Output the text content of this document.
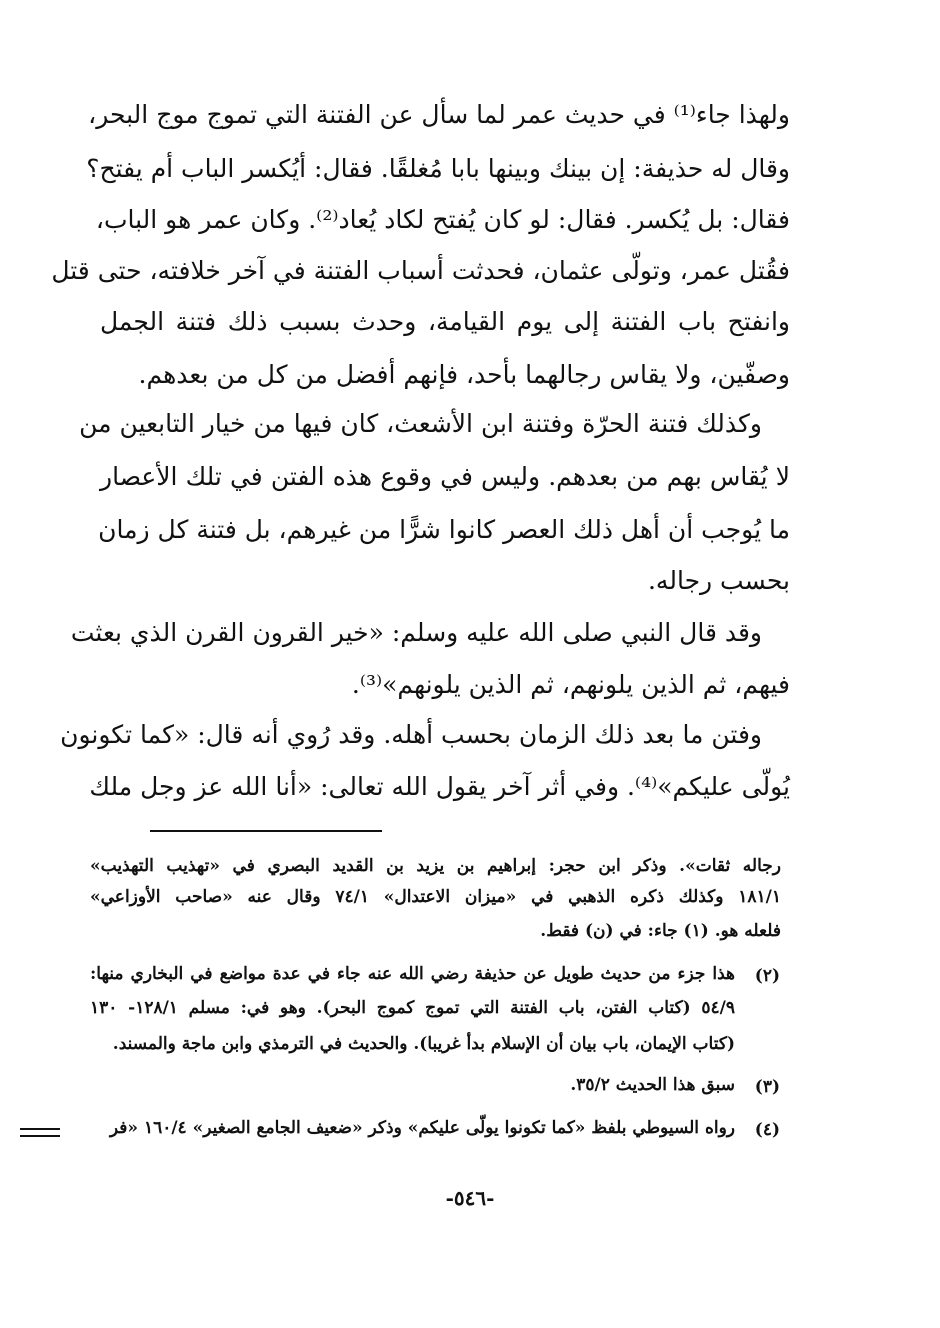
ولهذا جاء⁽¹⁾ في حديث عمر لما سأل عن الفتنة التي تموج موج البحر،
وقال له حذيفة: إن بينك وبينها بابا مُغلقًا. فقال: أيُكسر الباب أم يفتح؟
فقال: بل يُكسر. فقال: لو كان يُفتح لكاد يُعاد⁽²⁾. وكان عمر هو الباب،
فقُتل عمر، وتولّى عثمان، فحدثت أسباب الفتنة في آخر خلافته، حتى قتل
وانفتح باب الفتنة إلى يوم القيامة، وحدث بسبب ذلك فتنة الجمل
وصفّين، ولا يقاس رجالهما بأحد، فإنهم أفضل من كل من بعدهم.
وكذلك فتنة الحرّة وفتنة ابن الأشعث، كان فيها من خيار التابعين من
لا يُقاس بهم من بعدهم. وليس في وقوع هذه الفتن في تلك الأعصار
ما يُوجب أن أهل ذلك العصر كانوا شرًّا من غيرهم، بل فتنة كل زمان
بحسب رجاله.
وقد قال النبي صلى الله عليه وسلم: «خير القرون القرن الذي بعثت
فيهم، ثم الذين يلونهم، ثم الذين يلونهم»⁽³⁾.
وفتن ما بعد ذلك الزمان بحسب أهله. وقد رُوي أنه قال: «كما تكونون
يُولّى عليكم»⁽⁴⁾. وفي أثر آخر يقول الله تعالى: «أنا الله عز وجل ملك
رجاله ثقات». وذكر ابن حجر: إبراهيم بن يزيد بن القديد البصري في «تهذيب التهذيب»
١٨١/١ وكذلك ذكره الذهبي في «ميزان الاعتدال» ٧٤/١ وقال عنه «صاحب الأوزاعي»
فلعله هو. (١) جاء: في (ن) فقط.
(٢)
هذا جزء من حديث طويل عن حذيفة رضي الله عنه جاء في عدة مواضع في البخاري منها:
٥٤/٩ (كتاب الفتن، باب الفتنة التي تموج كموج البحر). وهو في: مسلم ١٢٨/١- ١٣٠
(كتاب الإيمان، باب بيان أن الإسلام بدأ غريبا). والحديث في الترمذي وابن ماجة والمسند.
(٣)
سبق هذا الحديث ٣٥/٢.
(٤)
رواه السيوطي بلفظ «كما تكونوا يولّى عليكم» وذكر «ضعيف الجامع الصغير» ١٦٠/٤ «فر
-٥٤٦-
